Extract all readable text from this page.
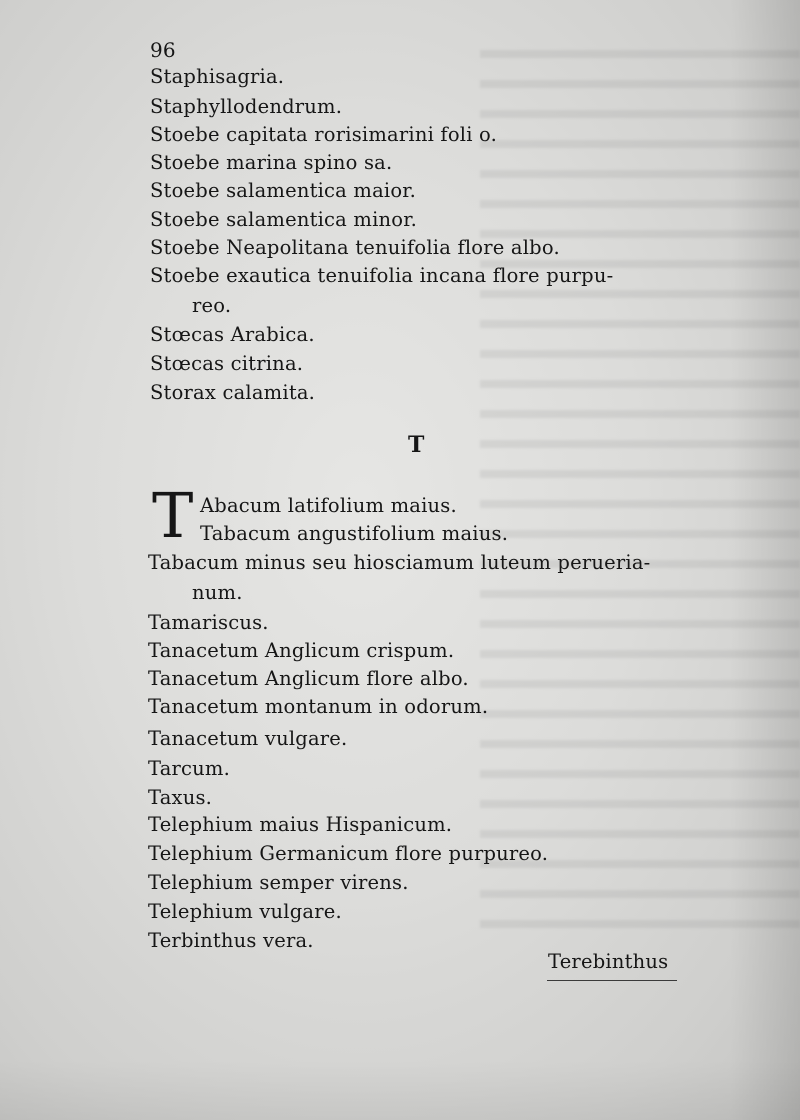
96
Staphisagria.
Staphyllodendrum.
Stoebe capitata rorisimarini foli o.
Stoebe marina spino sa.
Stoebe salamentica maior.
Stoebe salamentica minor.
Stoebe Neapolitana tenuifolia flore albo.
Stoebe exautica tenuifolia incana flore purpu-
reo.
Stœcas Arabica.
Stœcas citrina.
Storax calamita.
T
T Abacum latifolium maius.
Tabacum angustifolium maius.
Tabacum minus seu hiosciamum luteum perueria-
num.
Tamariscus.
Tanacetum Anglicum crispum.
Tanacetum Anglicum flore albo.
Tanacetum montanum in odorum.
Tanacetum vulgare.
Tarcum.
Taxus.
Telephium maius Hispanicum.
Telephium Germanicum flore purpureo.
Telephium semper virens.
Telephium vulgare.
Terbinthus vera.
Terebinthus
